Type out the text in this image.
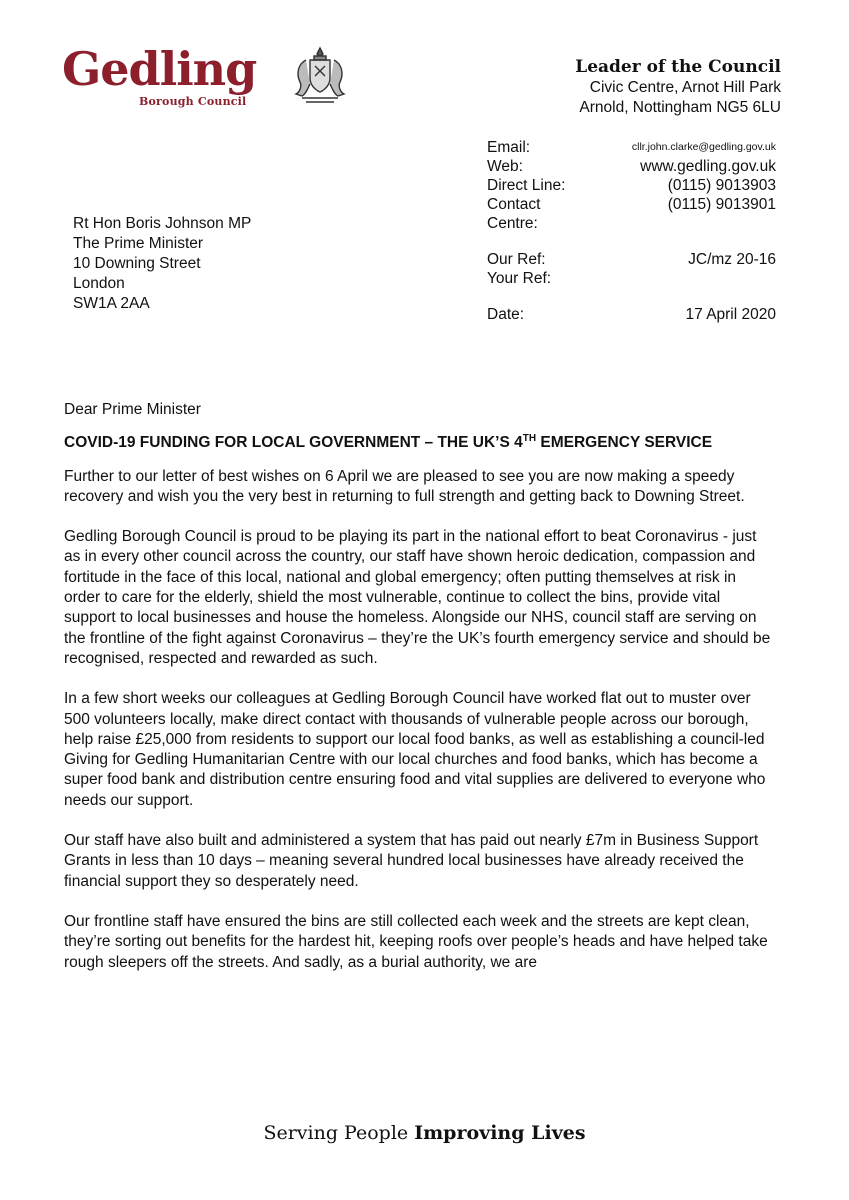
Gedling
Borough Council
Leader of the Council
Civic Centre, Arnot Hill Park
Arnold, Nottingham NG5 6LU
Email:	cllr.john.clarke@gedling.gov.uk
Web:	www.gedling.gov.uk
Direct Line:	(0115) 9013903
Contact	(0115) 9013901
Centre:
Our Ref:	JC/mz 20-16
Your Ref:
Date:	17 April 2020
Rt Hon Boris Johnson MP
The Prime Minister
10 Downing Street
London
SW1A 2AA

Dear Prime Minister

COVID-19 FUNDING FOR LOCAL GOVERNMENT – THE UK’S 4TH EMERGENCY SERVICE

Further to our letter of best wishes on 6 April we are pleased to see you are now making a speedy recovery and wish you the very best in returning to full strength and getting back to Downing Street.

Gedling Borough Council is proud to be playing its part in the national effort to beat Coronavirus - just as in every other council across the country, our staff have shown heroic dedication, compassion and fortitude in the face of this local, national and global emergency; often putting themselves at risk in order to care for the elderly, shield the most vulnerable, continue to collect the bins, provide vital support to local businesses and house the homeless. Alongside our NHS, council staff are serving on the frontline of the fight against Coronavirus – they’re the UK’s fourth emergency service and should be recognised, respected and rewarded as such.

In a few short weeks our colleagues at Gedling Borough Council have worked flat out to muster over 500 volunteers locally, make direct contact with thousands of vulnerable people across our borough, help raise £25,000 from residents to support our local food banks, as well as establishing a council-led Giving for Gedling Humanitarian Centre with our local churches and food banks, which has become a super food bank and distribution centre ensuring food and vital supplies are delivered to everyone who needs our support.

Our staff have also built and administered a system that has paid out nearly £7m in Business Support Grants in less than 10 days – meaning several hundred local businesses have already received the financial support they so desperately need.

Our frontline staff have ensured the bins are still collected each week and the streets are kept clean, they’re sorting out benefits for the hardest hit, keeping roofs over people’s heads and have helped take rough sleepers off the streets. And sadly, as a burial authority, we are

Serving People Improving Lives
